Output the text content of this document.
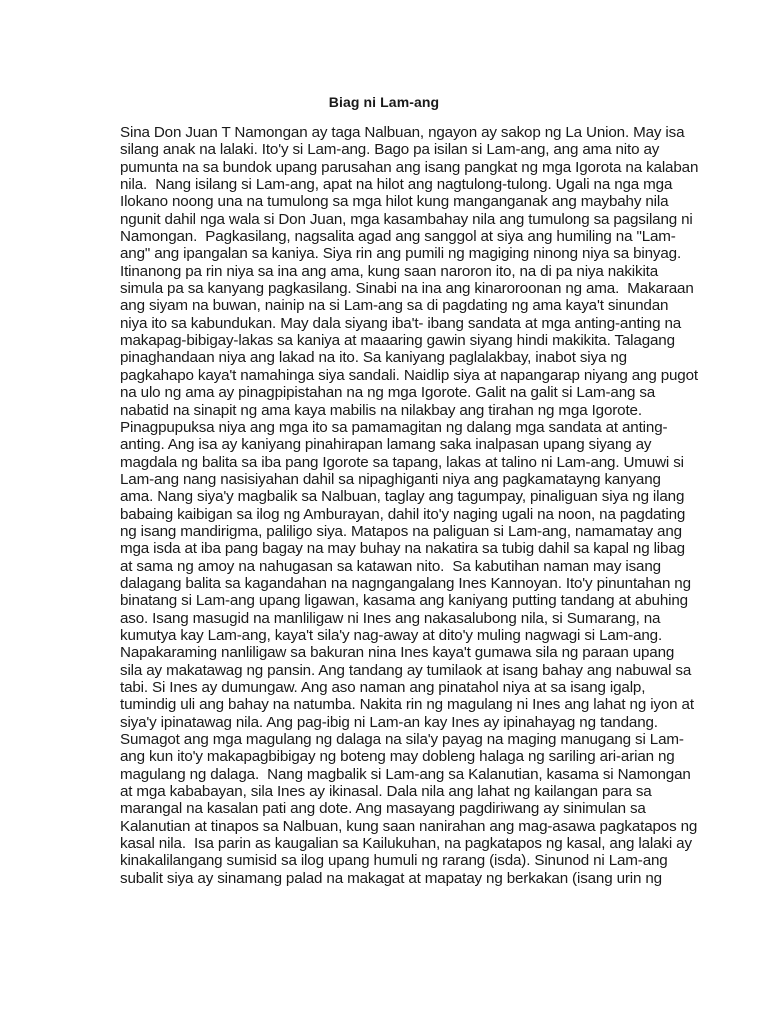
Biag ni Lam-ang
Sina Don Juan T Namongan ay taga Nalbuan, ngayon ay sakop ng La Union. May isa
silang anak na lalaki. Ito'y si Lam-ang. Bago pa isilan si Lam-ang, ang ama nito ay
pumunta na sa bundok upang parusahan ang isang pangkat ng mga Igorota na kalaban
nila.  Nang isilang si Lam-ang, apat na hilot ang nagtulong-tulong. Ugali na nga mga
Ilokano noong una na tumulong sa mga hilot kung manganganak ang maybahy nila
ngunit dahil nga wala si Don Juan, mga kasambahay nila ang tumulong sa pagsilang ni
Namongan.  Pagkasilang, nagsalita agad ang sanggol at siya ang humiling na "Lam-
ang" ang ipangalan sa kaniya. Siya rin ang pumili ng magiging ninong niya sa binyag.
Itinanong pa rin niya sa ina ang ama, kung saan naroron ito, na di pa niya nakikita
simula pa sa kanyang pagkasilang. Sinabi na ina ang kinaroroonan ng ama.  Makaraan
ang siyam na buwan, nainip na si Lam-ang sa di pagdating ng ama kaya't sinundan
niya ito sa kabundukan. May dala siyang iba't- ibang sandata at mga anting-anting na
makapag-bibigay-lakas sa kaniya at maaaring gawin siyang hindi makikita. Talagang
pinaghandaan niya ang lakad na ito. Sa kaniyang paglalakbay, inabot siya ng
pagkahapo kaya't namahinga siya sandali. Naidlip siya at napangarap niyang ang pugot
na ulo ng ama ay pinagpipistahan na ng mga Igorote. Galit na galit si Lam-ang sa
nabatid na sinapit ng ama kaya mabilis na nilakbay ang tirahan ng mga Igorote.
Pinagpupuksa niya ang mga ito sa pamamagitan ng dalang mga sandata at anting-
anting. Ang isa ay kaniyang pinahirapan lamang saka inalpasan upang siyang ay
magdala ng balita sa iba pang Igorote sa tapang, lakas at talino ni Lam-ang. Umuwi si
Lam-ang nang nasisiyahan dahil sa nipaghiganti niya ang pagkamatayng kanyang
ama. Nang siya'y magbalik sa Nalbuan, taglay ang tagumpay, pinaliguan siya ng ilang
babaing kaibigan sa ilog ng Amburayan, dahil ito'y naging ugali na noon, na pagdating
ng isang mandirigma, paliligo siya. Matapos na paliguan si Lam-ang, namamatay ang
mga isda at iba pang bagay na may buhay na nakatira sa tubig dahil sa kapal ng libag
at sama ng amoy na nahugasan sa katawan nito.  Sa kabutihan naman may isang
dalagang balita sa kagandahan na nagngangalang Ines Kannoyan. Ito'y pinuntahan ng
binatang si Lam-ang upang ligawan, kasama ang kaniyang putting tandang at abuhing
aso. Isang masugid na manliligaw ni Ines ang nakasalubong nila, si Sumarang, na
kumutya kay Lam-ang, kaya't sila'y nag-away at dito'y muling nagwagi si Lam-ang.
Napakaraming nanliligaw sa bakuran nina Ines kaya't gumawa sila ng paraan upang
sila ay makatawag ng pansin. Ang tandang ay tumilaok at isang bahay ang nabuwal sa
tabi. Si Ines ay dumungaw. Ang aso naman ang pinatahol niya at sa isang igalp,
tumindig uli ang bahay na natumba. Nakita rin ng magulang ni Ines ang lahat ng iyon at
siya'y ipinatawag nila. Ang pag-ibig ni Lam-an kay Ines ay ipinahayag ng tandang.
Sumagot ang mga magulang ng dalaga na sila'y payag na maging manugang si Lam-
ang kun ito'y makapagbibigay ng boteng may dobleng halaga ng sariling ari-arian ng
magulang ng dalaga.  Nang magbalik si Lam-ang sa Kalanutian, kasama si Namongan
at mga kababayan, sila Ines ay ikinasal. Dala nila ang lahat ng kailangan para sa
marangal na kasalan pati ang dote. Ang masayang pagdiriwang ay sinimulan sa
Kalanutian at tinapos sa Nalbuan, kung saan nanirahan ang mag-asawa pagkatapos ng
kasal nila.  Isa parin as kaugalian sa Kailukuhan, na pagkatapos ng kasal, ang lalaki ay
kinakalilangang sumisid sa ilog upang humuli ng rarang (isda). Sinunod ni Lam-ang
subalit siya ay sinamang palad na makagat at mapatay ng berkakan (isang urin ng
